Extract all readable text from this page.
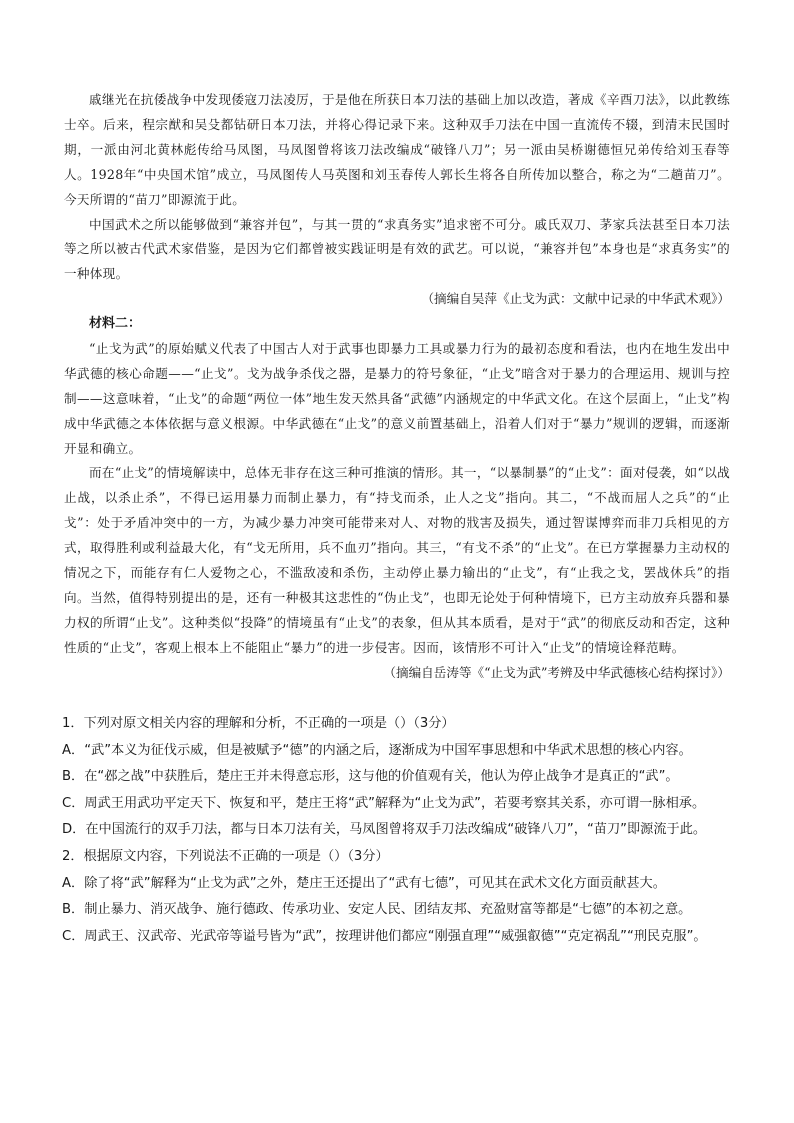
戚继光在抗倭战争中发现倭寇刀法凌厉，于是他在所获日本刀法的基础上加以改造，著成《辛酉刀法》，以此教练士卒。后来，程宗猷和吴殳都钻研日本刀法，并将心得记录下来。这种双手刀法在中国一直流传不辍，到清末民国时期，一派由河北黄林彪传给马凤图，马凤图曾将该刀法改编成“破锋八刀”；另一派由吴桥谢德恒兄弟传给刘玉春等人。1928年“中央国术馆”成立，马凤图传人马英图和刘玉春传人郭长生将各自所传加以整合，称之为“二趟苗刀”。今天所谓的“苗刀”即源流于此。

中国武术之所以能够做到“兼容并包”，与其一贯的“求真务实”追求密不可分。戚氏双刀、茅家兵法甚至日本刀法等之所以被古代武术家借鉴，是因为它们都曾被实践证明是有效的武艺。可以说，“兼容并包”本身也是“求真务实”的一种体现。

（摘编自吴萍《止戈为武：文献中记录的中华武术观》）

材料二：

“止戈为武”的原始赋义代表了中国古人对于武事也即暴力工具或暴力行为的最初态度和看法，也内在地生发出中华武德的核心命题——“止戈”。戈为战争杀伐之器，是暴力的符号象征，“止戈”暗含对于暴力的合理运用、规训与控制——这意味着，“止戈”的命题“两位一体”地生发天然具备“武德”内涵规定的中华武文化。在这个层面上，“止戈”构成中华武德之本体依据与意义根源。中华武德在“止戈”的意义前置基础上，沿着人们对于“暴力”规训的逻辑，而逐渐开显和确立。

而在“止戈”的情境解读中，总体无非存在这三种可推演的情形。其一，“以暴制暴”的“止戈”：面对侵袭，如“以战止战，以杀止杀”，不得已运用暴力而制止暴力，有“持戈而杀，止人之戈”指向。其二，“不战而屈人之兵”的“止戈”：处于矛盾冲突中的一方，为减少暴力冲突可能带来对人、对物的戕害及损失，通过智谋博弈而非刀兵相见的方式，取得胜利或利益最大化，有“戈无所用，兵不血刃”指向。其三，“有戈不杀”的“止戈”。在已方掌握暴力主动权的情况之下，而能存有仁人爱物之心，不滥敌凌和杀伤，主动停止暴力输出的“止戈”，有“止我之戈，罢战休兵”的指向。当然，值得特别提出的是，还有一种极其这悲性的“伪止戈”，也即无论处于何种情境下，已方主动放弃兵器和暴力权的所谓“止戈”。这种类似“投降”的情境虽有“止戈”的表象，但从其本质看，是对于“武”的彻底反动和否定，这种性质的“止戈”，客观上根本上不能阻止“暴力”的进一步侵害。因而，该情形不可计入“止戈”的情境诠释范畴。

（摘编自岳涛等《“止戈为武”考辨及中华武德核心结构探讨》）

1．下列对原文相关内容的理解和分析，不正确的一项是（）（3分）

A．“武”本义为征伐示威，但是被赋予“德”的内涵之后，逐渐成为中国军事思想和中华武术思想的核心内容。

B．在“邲之战”中获胜后，楚庄王并未得意忘形，这与他的价值观有关，他认为停止战争才是真正的“武”。

C．周武王用武功平定天下、恢复和平，楚庄王将“武”解释为“止戈为武”，若要考察其关系，亦可谓一脉相承。

D．在中国流行的双手刀法，都与日本刀法有关，马凤图曾将双手刀法改编成“破锋八刀”，“苗刀”即源流于此。

2．根据原文内容，下列说法不正确的一项是（）（3分）

A．除了将“武”解释为“止戈为武”之外，楚庄王还提出了“武有七德”，可见其在武术文化方面贡献甚大。

B．制止暴力、消灭战争、施行德政、传承功业、安定人民、团结友邦、充盈财富等都是“七德”的本初之意。

C．周武王、汉武帝、光武帝等谥号皆为“武”，按理讲他们都应“刚强直理”“威强叡德”“克定祸乱”“刑民克服”。
